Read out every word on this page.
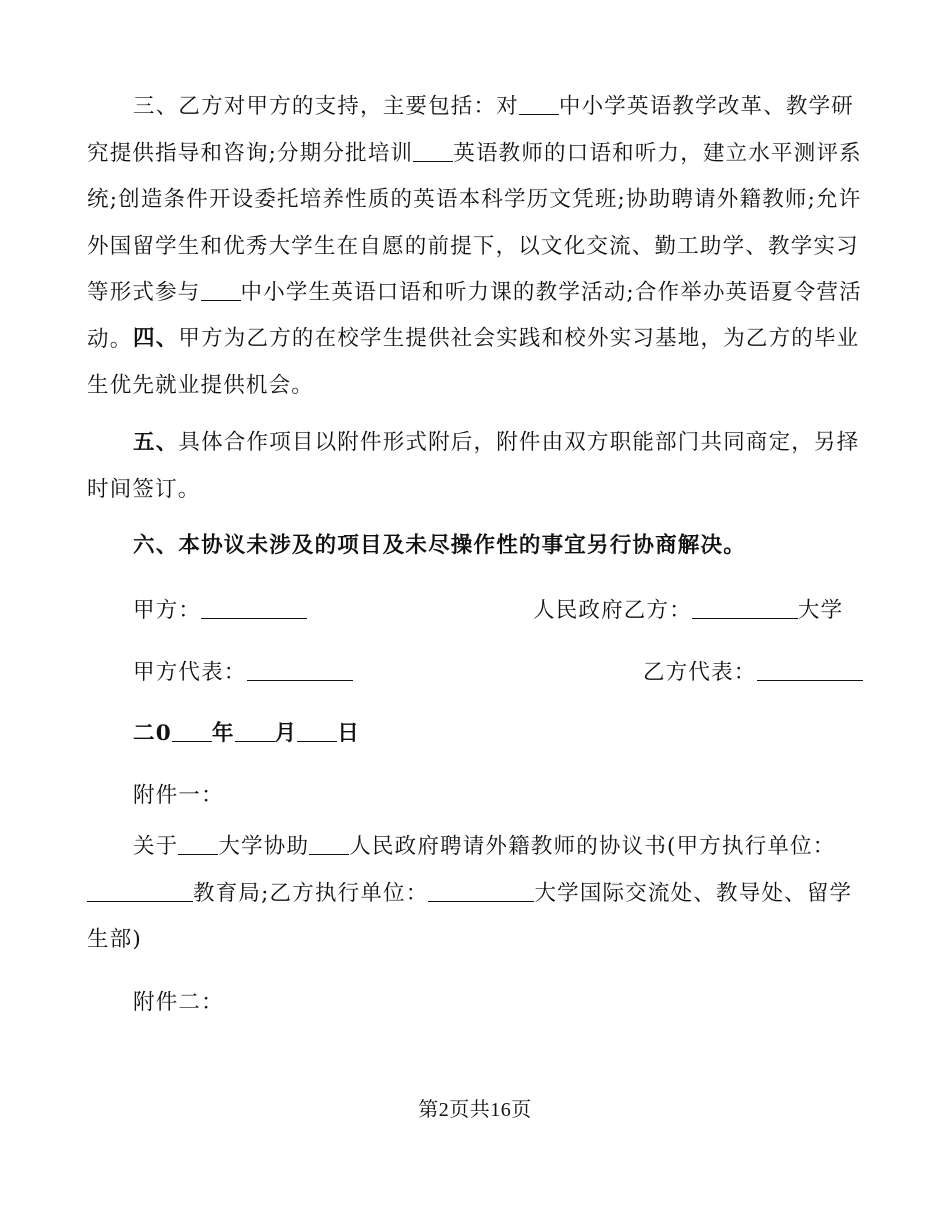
三、乙方对甲方的支持，主要包括：对 中小学英语教学改革、教学研究提供指导和咨询;分期分批培训 英语教师的口语和听力，建立水平测评系统;创造条件开设委托培养性质的英语本科学历文凭班;协助聘请外籍教师;允许外国留学生和优秀大学生在自愿的前提下，以文化交流、勤工助学、教学实习等形式参与 中小学生英语口语和听力课的教学活动;合作举办英语夏令营活动。 四、甲方为乙方的在校学生提供社会实践和校外实习基地，为乙方的毕业生优先就业提供机会。

五、具体合作项目以附件形式附后，附件由双方职能部门共同商定，另择时间签订。

六、本协议未涉及的项目及未尽操作性的事宜另行协商解决。

甲方：	人民政府乙方：	大学
甲方代表：	乙方代表：
二0 年 月 日
附件一：

关于 大学协助 人民政府聘请外籍教师的协议书(甲方执行单位：教育局;乙方执行单位：	大学国际交流处、教导处、留学生部)

附件二：
第2页共16页
